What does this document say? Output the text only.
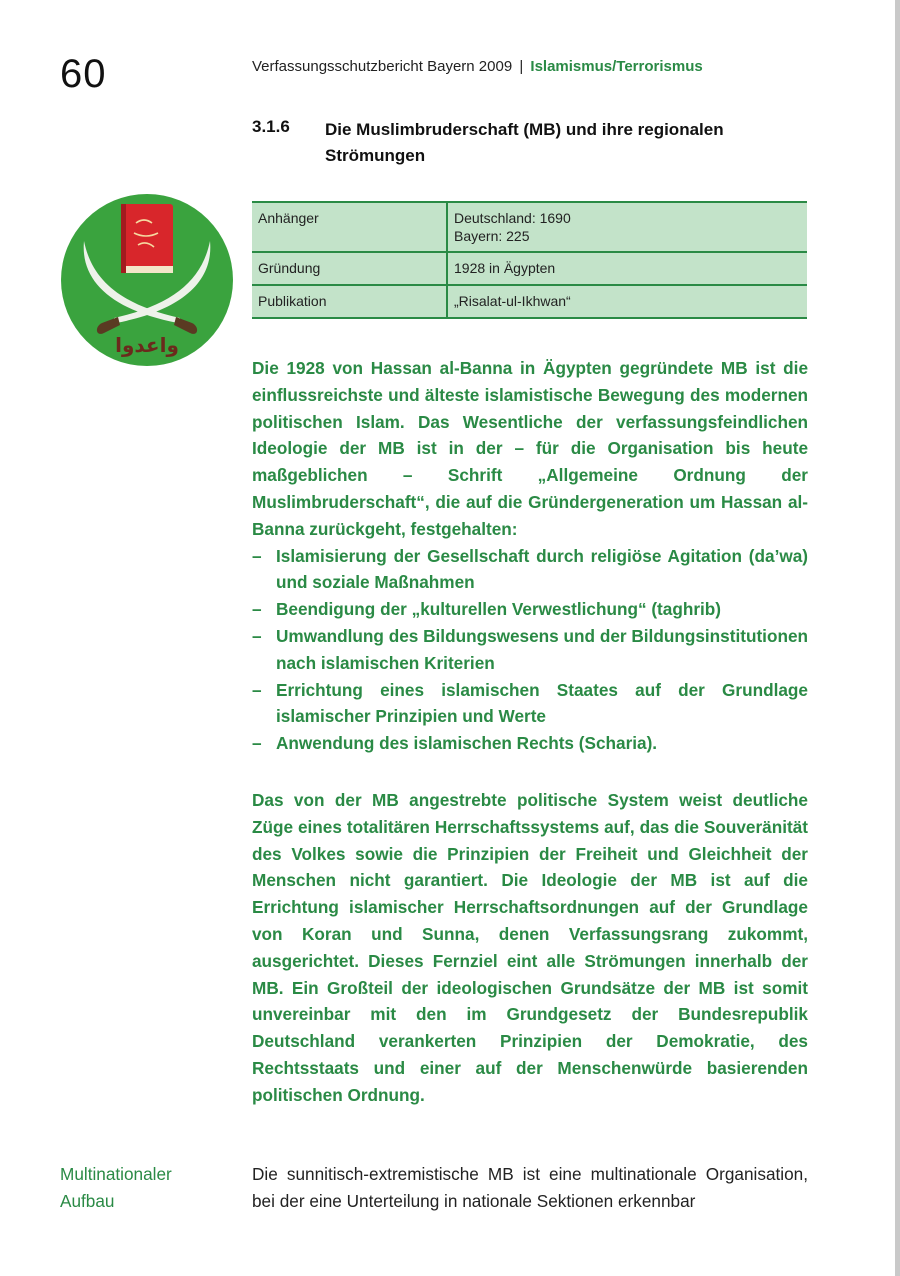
60	Verfassungsschutzbericht Bayern 2009 | Islamismus/Terrorismus
3.1.6 Die Muslimbruderschaft (MB) und ihre regionalen Strömungen
واعدوا
Anhänger	Deutschland: 1690
Bayern: 225

Gründung	1928 in Ägypten

Publikation	„Risalat-ul-Ikhwan“

Die 1928 von Hassan al-Banna in Ägypten gegründete MB ist die einflussreichste und älteste islamistische Bewegung des modernen politischen Islam. Das Wesentliche der verfassungsfeindlichen Ideologie der MB ist in der – für die Organisation bis heute maßgeblichen – Schrift „Allgemeine Ordnung der Muslimbruderschaft“, die auf die Gründergeneration um Hassan al-Banna zurückgeht, festgehalten:

– Islamisierung der Gesellschaft durch religiöse Agitation (da’wa) und soziale Maßnahmen
– Beendigung der „kulturellen Verwestlichung“ (taghrib)
– Umwandlung des Bildungswesens und der Bildungsinstitutionen nach islamischen Kriterien
– Errichtung eines islamischen Staates auf der Grundlage islamischer Prinzipien und Werte
– Anwendung des islamischen Rechts (Scharia).

Das von der MB angestrebte politische System weist deutliche Züge eines totalitären Herrschaftssystems auf, das die Souveränität des Volkes sowie die Prinzipien der Freiheit und Gleichheit der Menschen nicht garantiert. Die Ideologie der MB ist auf die Errichtung islamischer Herrschaftsordnungen auf der Grundlage von Koran und Sunna, denen Verfassungsrang zukommt, ausgerichtet. Dieses Fernziel eint alle Strömungen innerhalb der MB. Ein Großteil der ideologischen Grundsätze der MB ist somit unvereinbar mit den im Grundgesetz der Bundesrepublik Deutschland verankerten Prinzipien der Demokratie, des Rechtsstaats und einer auf der Menschenwürde basierenden politischen Ordnung.

Multinationaler
Aufbau

Die sunnitisch-extremistische MB ist eine multinationale Organisation, bei der eine Unterteilung in nationale Sektionen erkennbar
